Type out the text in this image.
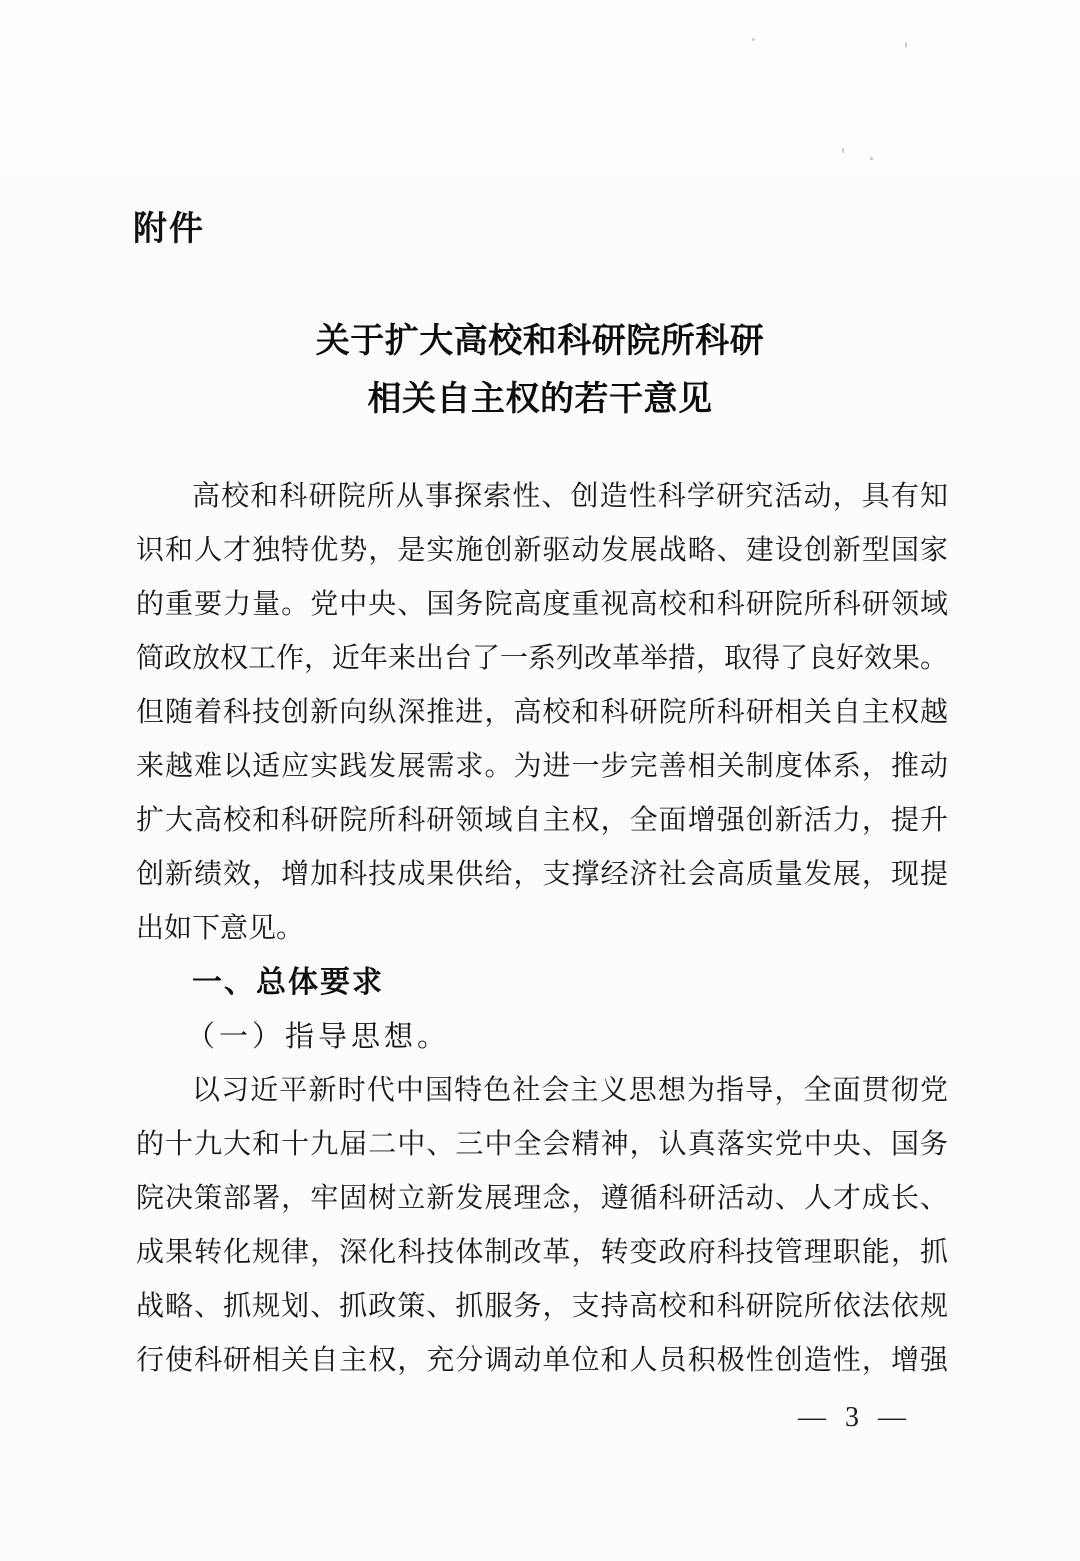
附件
关于扩大高校和科研院所科研
相关自主权的若干意见
高校和科研院所从事探索性、创造性科学研究活动，具有知
识和人才独特优势，是实施创新驱动发展战略、建设创新型国家
的重要力量。党中央、国务院高度重视高校和科研院所科研领域
简政放权工作，近年来出台了一系列改革举措，取得了良好效果。
但随着科技创新向纵深推进，高校和科研院所科研相关自主权越
来越难以适应实践发展需求。为进一步完善相关制度体系，推动
扩大高校和科研院所科研领域自主权，全面增强创新活力，提升
创新绩效，增加科技成果供给，支撑经济社会高质量发展，现提
出如下意见。
一、总体要求
（一）指导思想。
以习近平新时代中国特色社会主义思想为指导，全面贯彻党
的十九大和十九届二中、三中全会精神，认真落实党中央、国务
院决策部署，牢固树立新发展理念，遵循科研活动、人才成长、
成果转化规律，深化科技体制改革，转变政府科技管理职能，抓
战略、抓规划、抓政策、抓服务，支持高校和科研院所依法依规
行使科研相关自主权，充分调动单位和人员积极性创造性，增强
— 3 —
